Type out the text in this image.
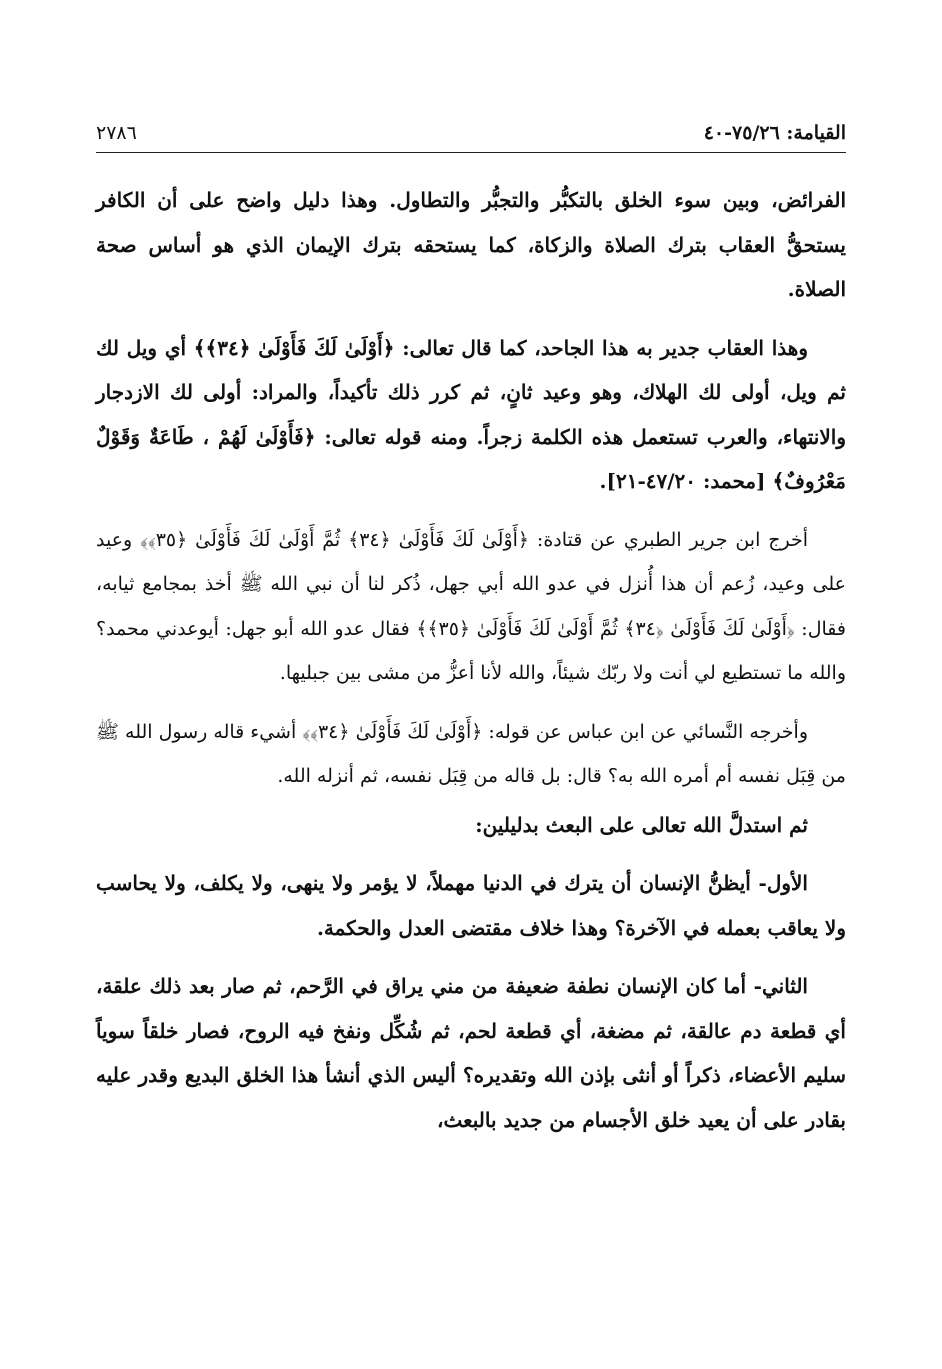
القيامة: ٧٥/٢٦-٤٠
٢٧٨٦

الفرائض، وبين سوء الخلق بالتكبُّر والتجبُّر والتطاول. وهذا دليل واضح على أن الكافر يستحقُّ العقاب بترك الصلاة والزكاة، كما يستحقه بترك الإيمان الذي هو أساس صحة الصلاة.

وهذا العقاب جدير به هذا الجاحد، كما قال تعالى: ﴿أَوْلَىٰ لَكَ فَأَوْلَىٰ ﴿٣٤﴾﴾ أي ويل لك ثم ويل، أولى لك الهلاك، وهو وعيد ثانٍ، ثم كرر ذلك تأكيداً، والمراد: أولى لك الازدجار والانتهاء، والعرب تستعمل هذه الكلمة زجراً. ومنه قوله تعالى: ﴿فَأَوْلَىٰ لَهُمْ ، طَاعَةٌ وَقَوْلٌ مَعْرُوفٌ﴾ [محمد: ٤٧/٢٠-٢١].

أخرج ابن جرير الطبري عن قتادة: ﴿أَوْلَىٰ لَكَ فَأَوْلَىٰ ﴿٣٤﴾ ثُمَّ أَوْلَىٰ لَكَ فَأَوْلَىٰ ﴿٣٥﴾﴾ وعيد على وعيد، زُعم أن هذا أُنزل في عدو الله أبي جهل، ذُكر لنا أن نبي الله ﷺ أخذ بمجامع ثيابه، فقال: ﴿أَوْلَىٰ لَكَ فَأَوْلَىٰ ﴿٣٤﴾ ثُمَّ أَوْلَىٰ لَكَ فَأَوْلَىٰ ﴿٣٥﴾﴾ فقال عدو الله أبو جهل: أيوعدني محمد؟ والله ما تستطيع لي أنت ولا ربّك شيئاً، والله لأنا أعزُّ من مشى بين جبليها.

وأخرجه النَّسائي عن ابن عباس عن قوله: ﴿أَوْلَىٰ لَكَ فَأَوْلَىٰ ﴿٣٤﴾﴾ أشيء قاله رسول الله ﷺ من قِبَل نفسه أم أمره الله به؟ قال: بل قاله من قِبَل نفسه، ثم أنزله الله.

ثم استدلَّ الله تعالى على البعث بدليلين:

الأول- أيظنُّ الإنسان أن يترك في الدنيا مهملاً، لا يؤمر ولا ينهى، ولا يكلف، ولا يحاسب ولا يعاقب بعمله في الآخرة؟ وهذا خلاف مقتضى العدل والحكمة.

الثاني- أما كان الإنسان نطفة ضعيفة من مني يراق في الرَّحم، ثم صار بعد ذلك علقة، أي قطعة دم عالقة، ثم مضغة، أي قطعة لحم، ثم شُكِّل ونفخ فيه الروح، فصار خلقاً سوياً سليم الأعضاء، ذكراً أو أنثى بإذن الله وتقديره؟ أليس الذي أنشأ هذا الخلق البديع وقدر عليه بقادر على أن يعيد خلق الأجسام من جديد بالبعث،
